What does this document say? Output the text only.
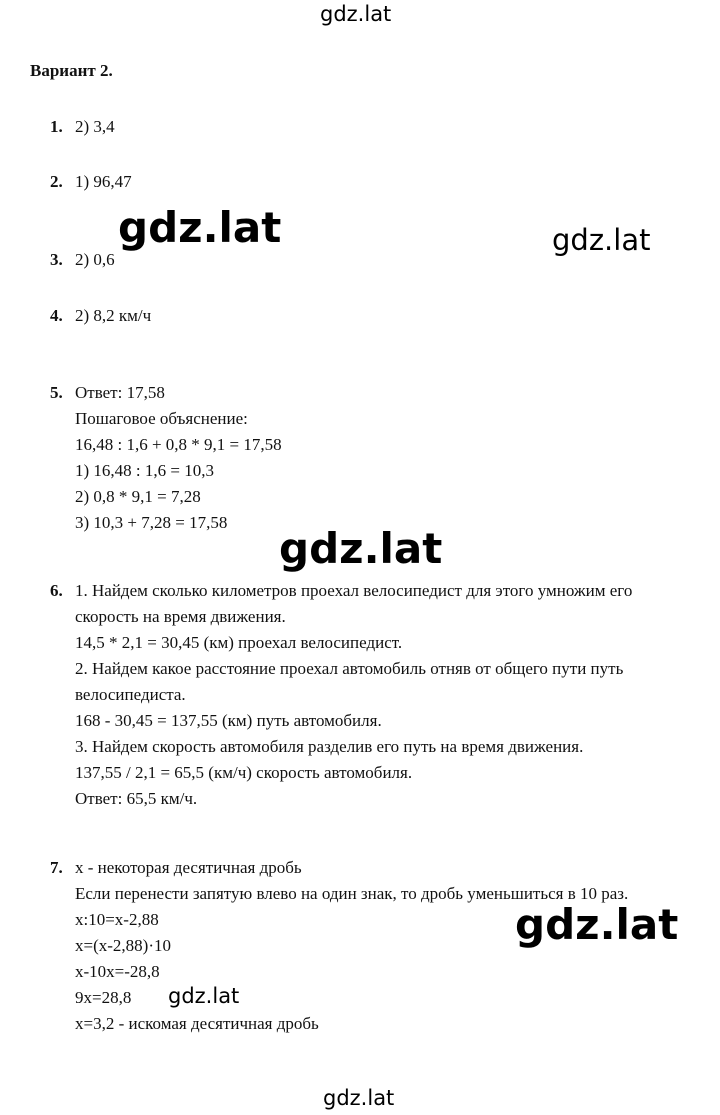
gdz.lat
Вариант 2.
1. 2) 3,4
2. 1) 96,47
3. 2) 0,6
4. 2) 8,2 км/ч
5. Ответ: 17,58
Пошаговое объяснение:
16,48 : 1,6 + 0,8 * 9,1 = 17,58
1) 16,48 : 1,6 = 10,3
2) 0,8 * 9,1 = 7,28
3) 10,3 + 7,28 = 17,58
6. 1. Найдем сколько километров проехал велосипедист для этого умножим его
скорость на время движения.
14,5 * 2,1 = 30,45 (км) проехал велосипедист.
2. Найдем какое расстояние проехал автомобиль отняв от общего пути путь
велосипедиста.
168 - 30,45 = 137,55 (км) путь автомобиля.
3. Найдем скорость автомобиля разделив его путь на время движения.
137,55 / 2,1 = 65,5 (км/ч) скорость автомобиля.
Ответ: 65,5 км/ч.
7. x - некоторая десятичная дробь
Если перенести запятую влево на один знак, то дробь уменьшиться в 10 раз.
x:10=x-2,88
x=(x-2,88)·10
x-10x=-28,8
9x=28,8
x=3,2 - искомая десятичная дробь
gdz.lat	gdz.lat
gdz.lat
gdz.lat
gdz.lat
gdz.lat
